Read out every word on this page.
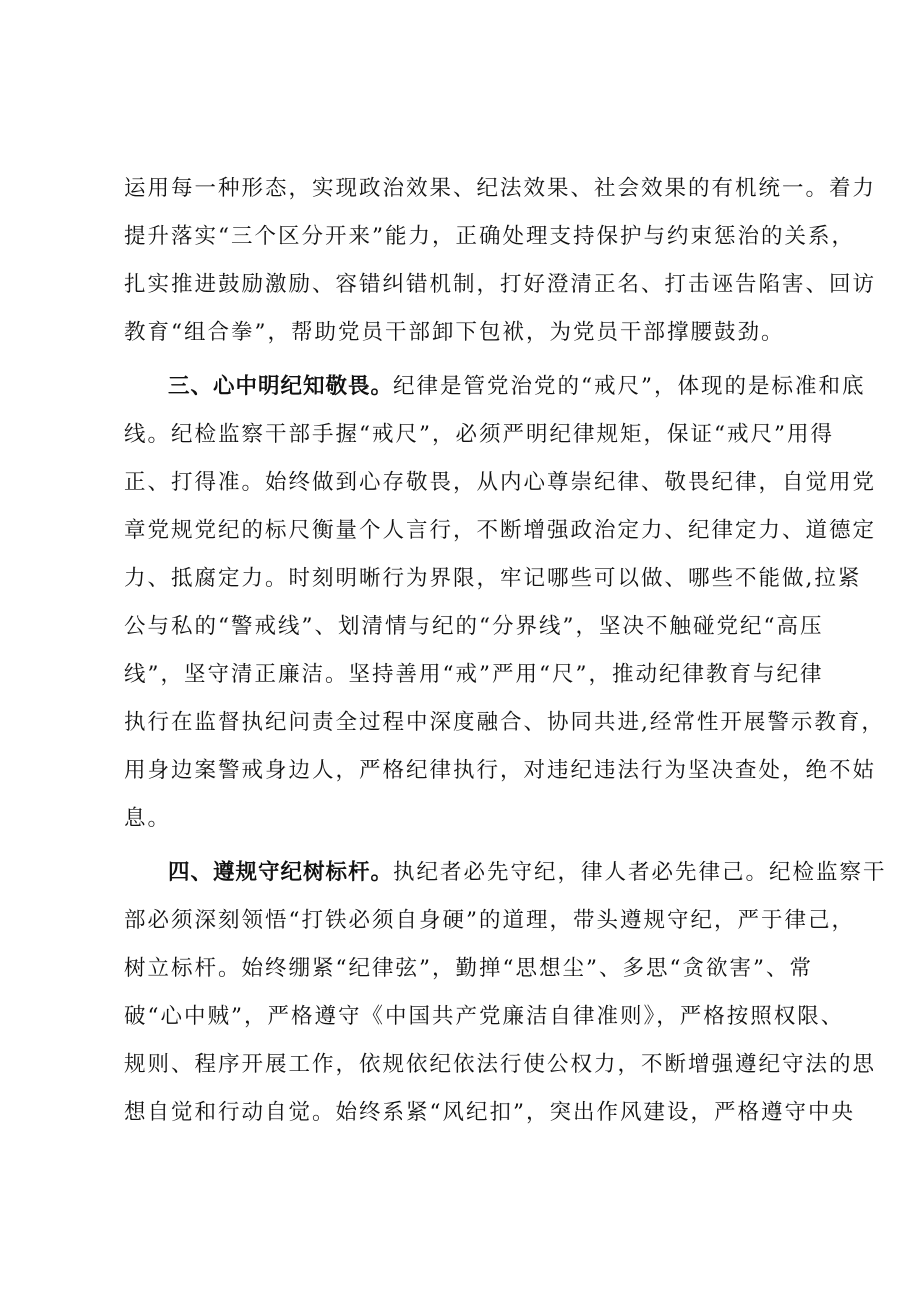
运用每一种形态，实现政治效果、纪法效果、社会效果的有机统一。着力
提升落实“三个区分开来”能力，正确处理支持保护与约束惩治的关系，
扎实推进鼓励激励、容错纠错机制，打好澄清正名、打击诬告陷害、回访
教育“组合拳”，帮助党员干部卸下包袱，为党员干部撑腰鼓劲。
三、心中明纪知敬畏。纪律是管党治党的“戒尺”，体现的是标准和底
线。纪检监察干部手握“戒尺”，必须严明纪律规矩，保证“戒尺”用得
正、打得准。始终做到心存敬畏，从内心尊崇纪律、敬畏纪律，自觉用党
章党规党纪的标尺衡量个人言行，不断增强政治定力、纪律定力、道德定
力、抵腐定力。时刻明晰行为界限，牢记哪些可以做、哪些不能做,拉紧
公与私的“警戒线”、划清情与纪的“分界线”，坚决不触碰党纪“高压
线”，坚守清正廉洁。坚持善用“戒”严用“尺”，推动纪律教育与纪律
执行在监督执纪问责全过程中深度融合、协同共进,经常性开展警示教育，
用身边案警戒身边人，严格纪律执行，对违纪违法行为坚决查处，绝不姑
息。
四、遵规守纪树标杆。执纪者必先守纪，律人者必先律己。纪检监察干
部必须深刻领悟“打铁必须自身硬”的道理，带头遵规守纪，严于律己，
树立标杆。始终绷紧“纪律弦”，勤掸“思想尘”、多思“贪欲害”、常
破“心中贼”，严格遵守《中国共产党廉洁自律准则》，严格按照权限、
规则、程序开展工作，依规依纪依法行使公权力，不断增强遵纪守法的思
想自觉和行动自觉。始终系紧“风纪扣”，突出作风建设，严格遵守中央
